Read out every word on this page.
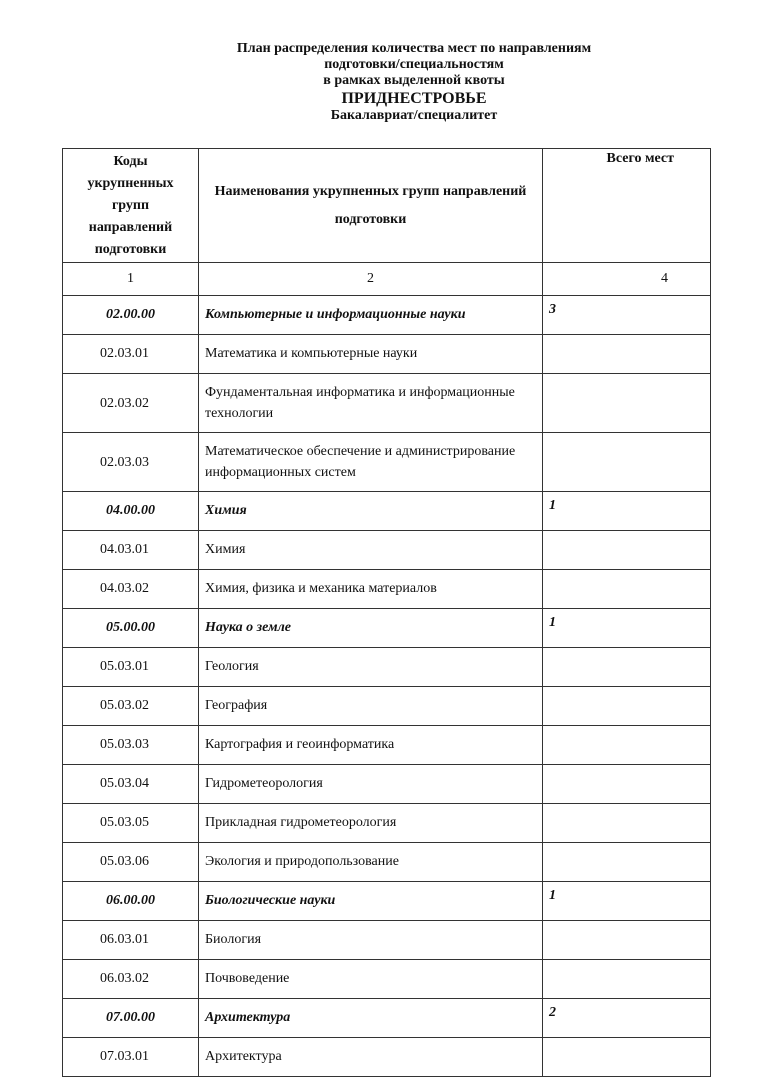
План распределения количества мест по направлениям
подготовки/специальностям
в рамках выделенной квоты
ПРИДНЕСТРОВЬЕ
Бакалавриат/специалитет
Коды укрупненных групп направлений подготовки	Наименования укрупненных групп направлений подготовки	Всего мест
1	2	4
02.00.00	Компьютерные и информационные науки	3
02.03.01	Математика и компьютерные науки	
02.03.02	Фундаментальная информатика и информационные технологии	
02.03.03	Математическое обеспечение и администрирование информационных систем	
04.00.00	Химия	1
04.03.01	Химия	
04.03.02	Химия, физика и механика материалов	
05.00.00	Наука о земле	1
05.03.01	Геология	
05.03.02	География	
05.03.03	Картография и геоинформатика	
05.03.04	Гидрометеорология	
05.03.05	Прикладная гидрометеорология	
05.03.06	Экология и природопользование	
06.00.00	Биологические науки	1
06.03.01	Биология	
06.03.02	Почвоведение	
07.00.00	Архитектура	2
07.03.01	Архитектура	
